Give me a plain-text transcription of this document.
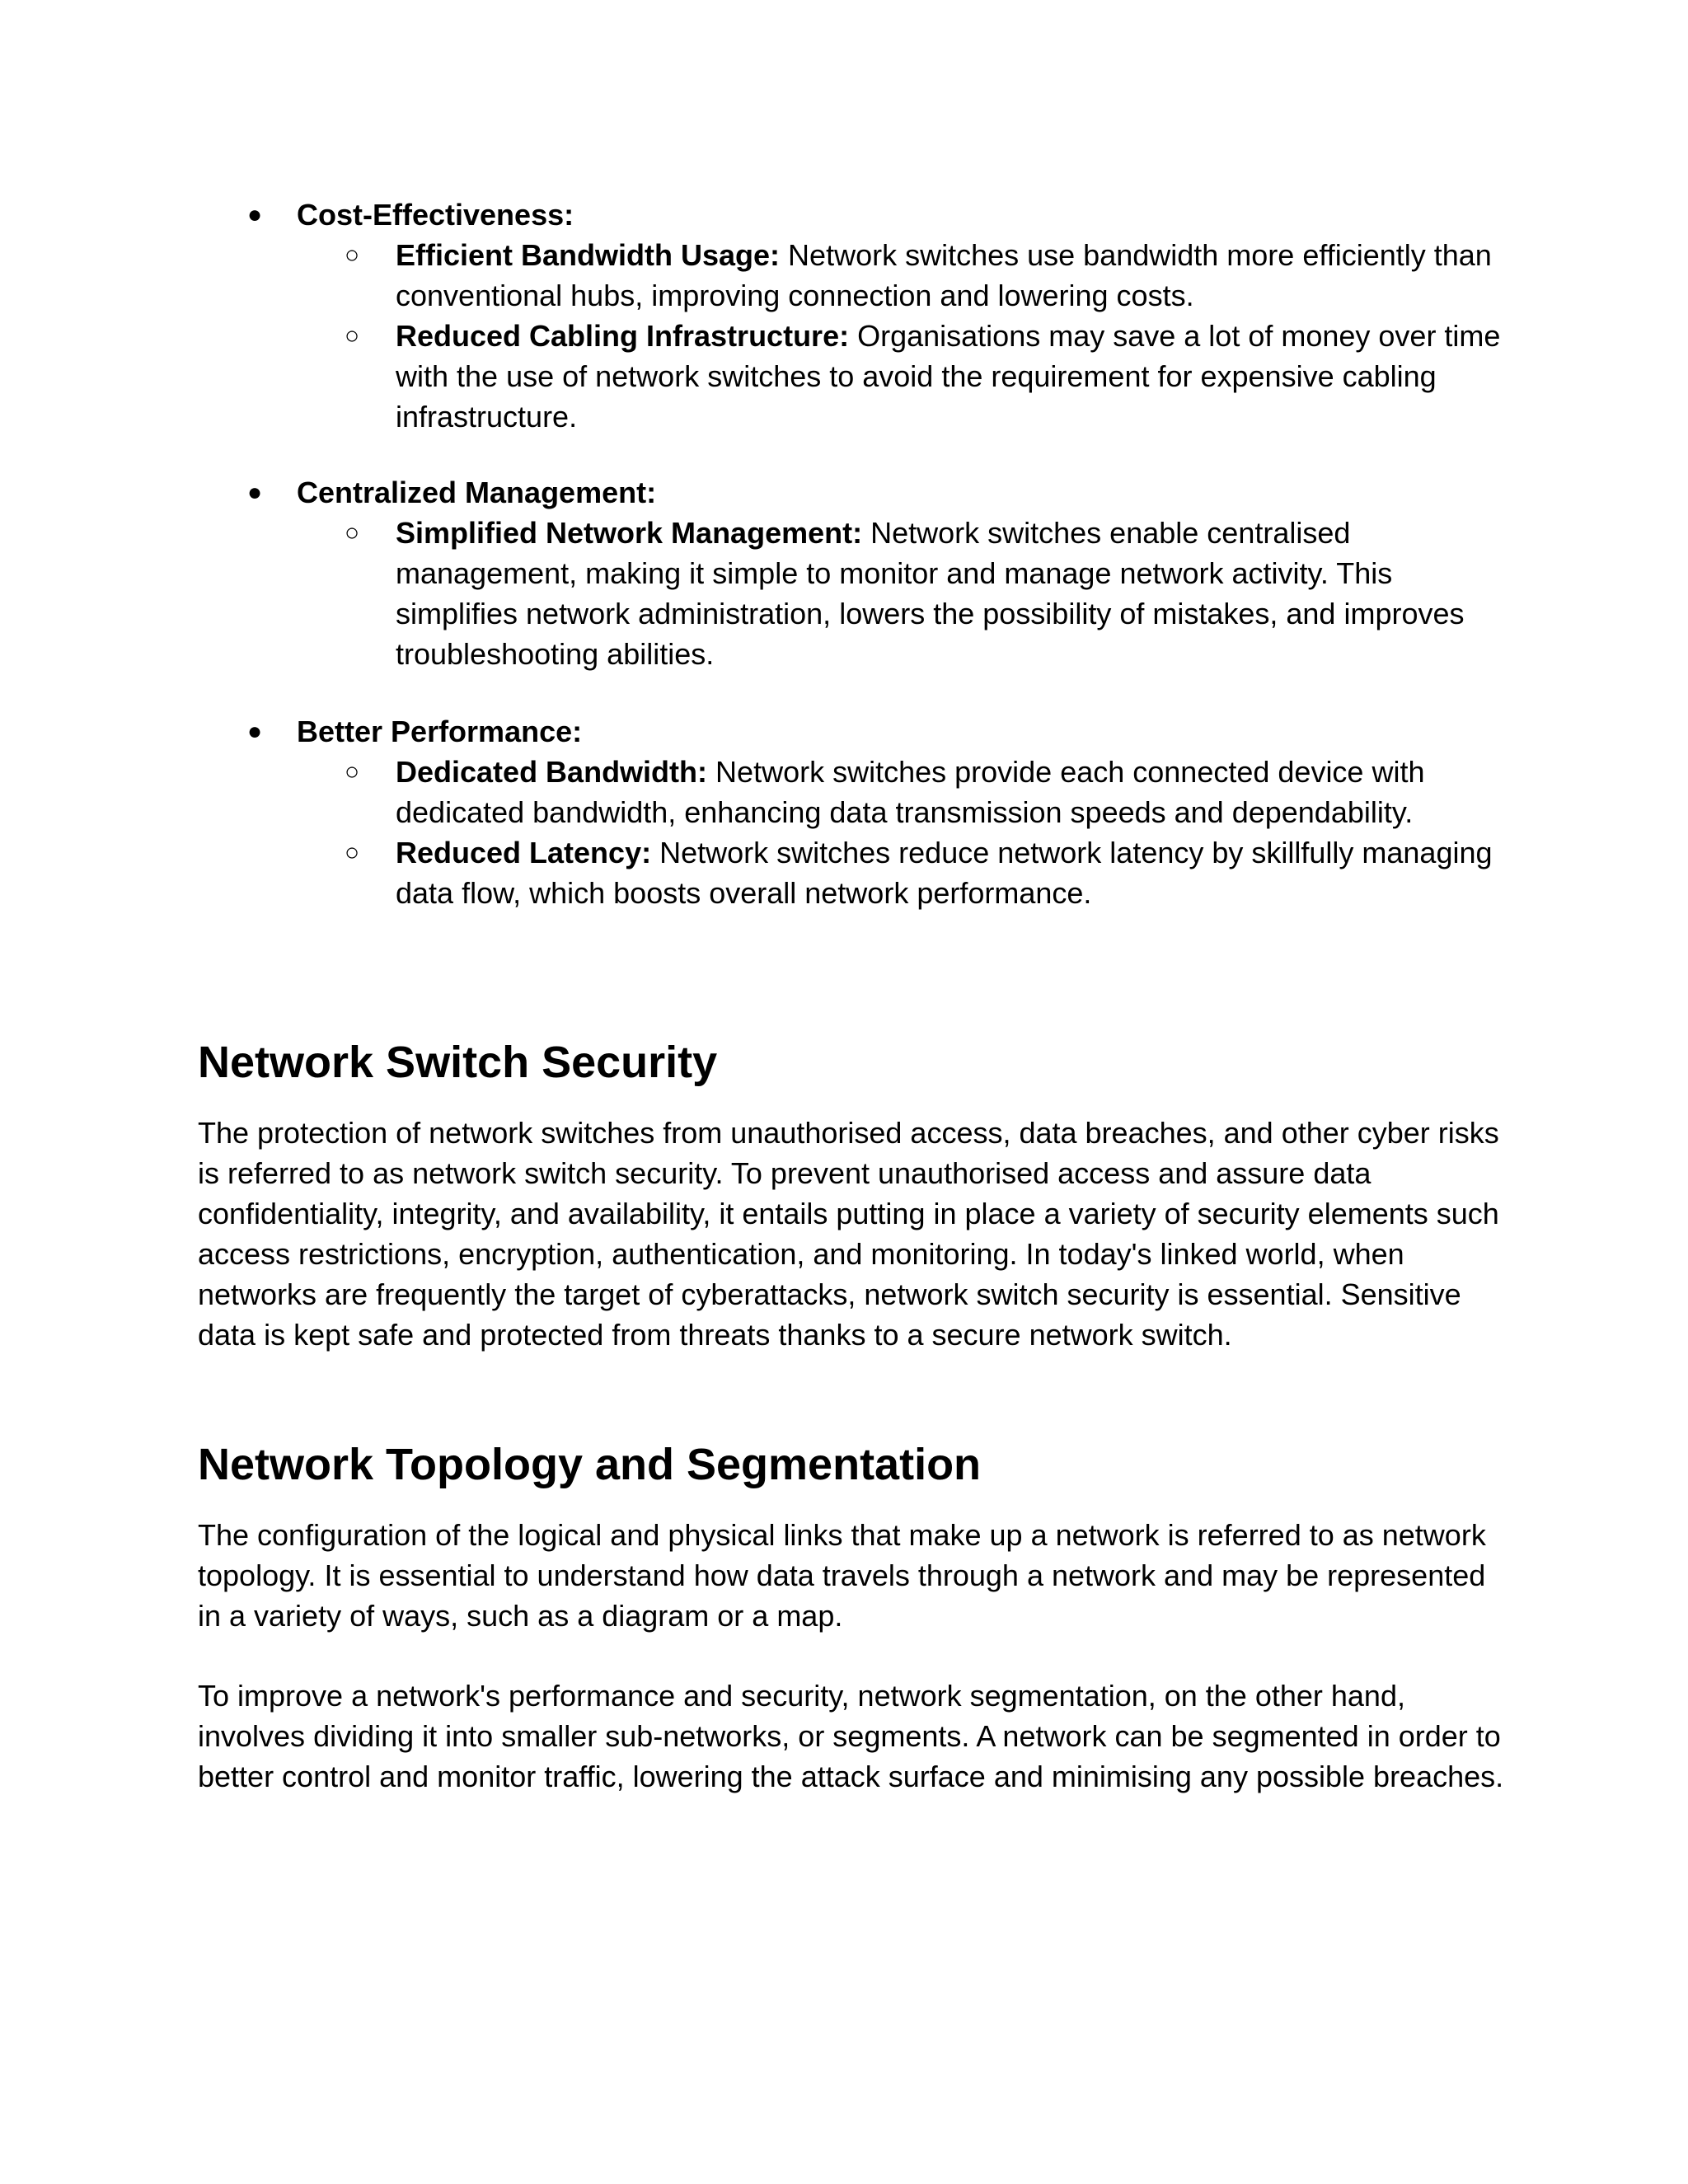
● Cost-Effectiveness:
○ Efficient Bandwidth Usage: Network switches use bandwidth more efficiently than conventional hubs, improving connection and lowering costs.
○ Reduced Cabling Infrastructure: Organisations may save a lot of money over time with the use of network switches to avoid the requirement for expensive cabling infrastructure.
● Centralized Management:
○ Simplified Network Management: Network switches enable centralised management, making it simple to monitor and manage network activity. This simplifies network administration, lowers the possibility of mistakes, and improves troubleshooting abilities.
● Better Performance:
○ Dedicated Bandwidth: Network switches provide each connected device with dedicated bandwidth, enhancing data transmission speeds and dependability.
○ Reduced Latency: Network switches reduce network latency by skillfully managing data flow, which boosts overall network performance.
Network Switch Security

The protection of network switches from unauthorised access, data breaches, and other cyber risks is referred to as network switch security. To prevent unauthorised access and assure data confidentiality, integrity, and availability, it entails putting in place a variety of security elements such access restrictions, encryption, authentication, and monitoring. In today's linked world, when networks are frequently the target of cyberattacks, network switch security is essential. Sensitive data is kept safe and protected from threats thanks to a secure network switch.

Network Topology and Segmentation

The configuration of the logical and physical links that make up a network is referred to as network topology. It is essential to understand how data travels through a network and may be represented in a variety of ways, such as a diagram or a map.

To improve a network's performance and security, network segmentation, on the other hand, involves dividing it into smaller sub-networks, or segments. A network can be segmented in order to better control and monitor traffic, lowering the attack surface and minimising any possible breaches.
